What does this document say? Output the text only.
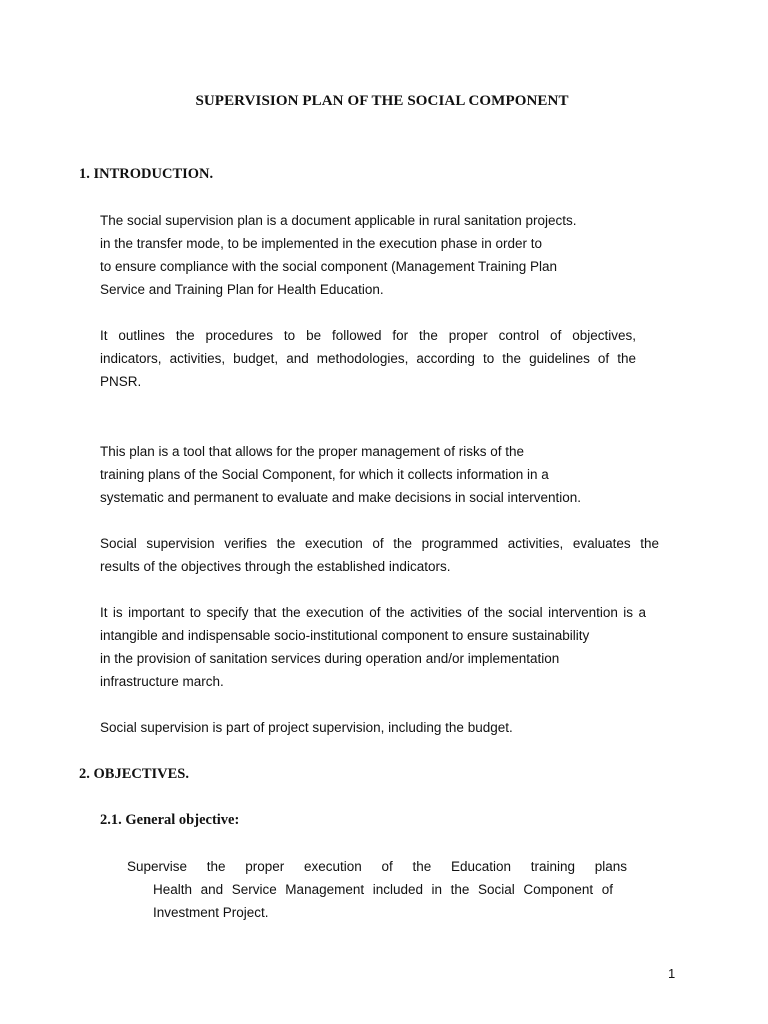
SUPERVISION PLAN OF THE SOCIAL COMPONENT
1. INTRODUCTION.
The social supervision plan is a document applicable in rural sanitation projects.
in the transfer mode, to be implemented in the execution phase in order to
to ensure compliance with the social component (Management Training Plan
Service and Training Plan for Health Education.
It outlines the procedures to be followed for the proper control of objectives,
indicators, activities, budget, and methodologies, according to the guidelines of the
PNSR.
This plan is a tool that allows for the proper management of risks of the
training plans of the Social Component, for which it collects information in a
systematic and permanent to evaluate and make decisions in social intervention.
Social supervision verifies the execution of the programmed activities, evaluates the
results of the objectives through the established indicators.
It is important to specify that the execution of the activities of the social intervention is a
intangible and indispensable socio-institutional component to ensure sustainability
in the provision of sanitation services during operation and/or implementation
infrastructure march.
Social supervision is part of project supervision, including the budget.
2. OBJECTIVES.
2.1. General objective:
Supervise the proper execution of the Education training plans
Health and Service Management included in the Social Component of
Investment Project.
1
